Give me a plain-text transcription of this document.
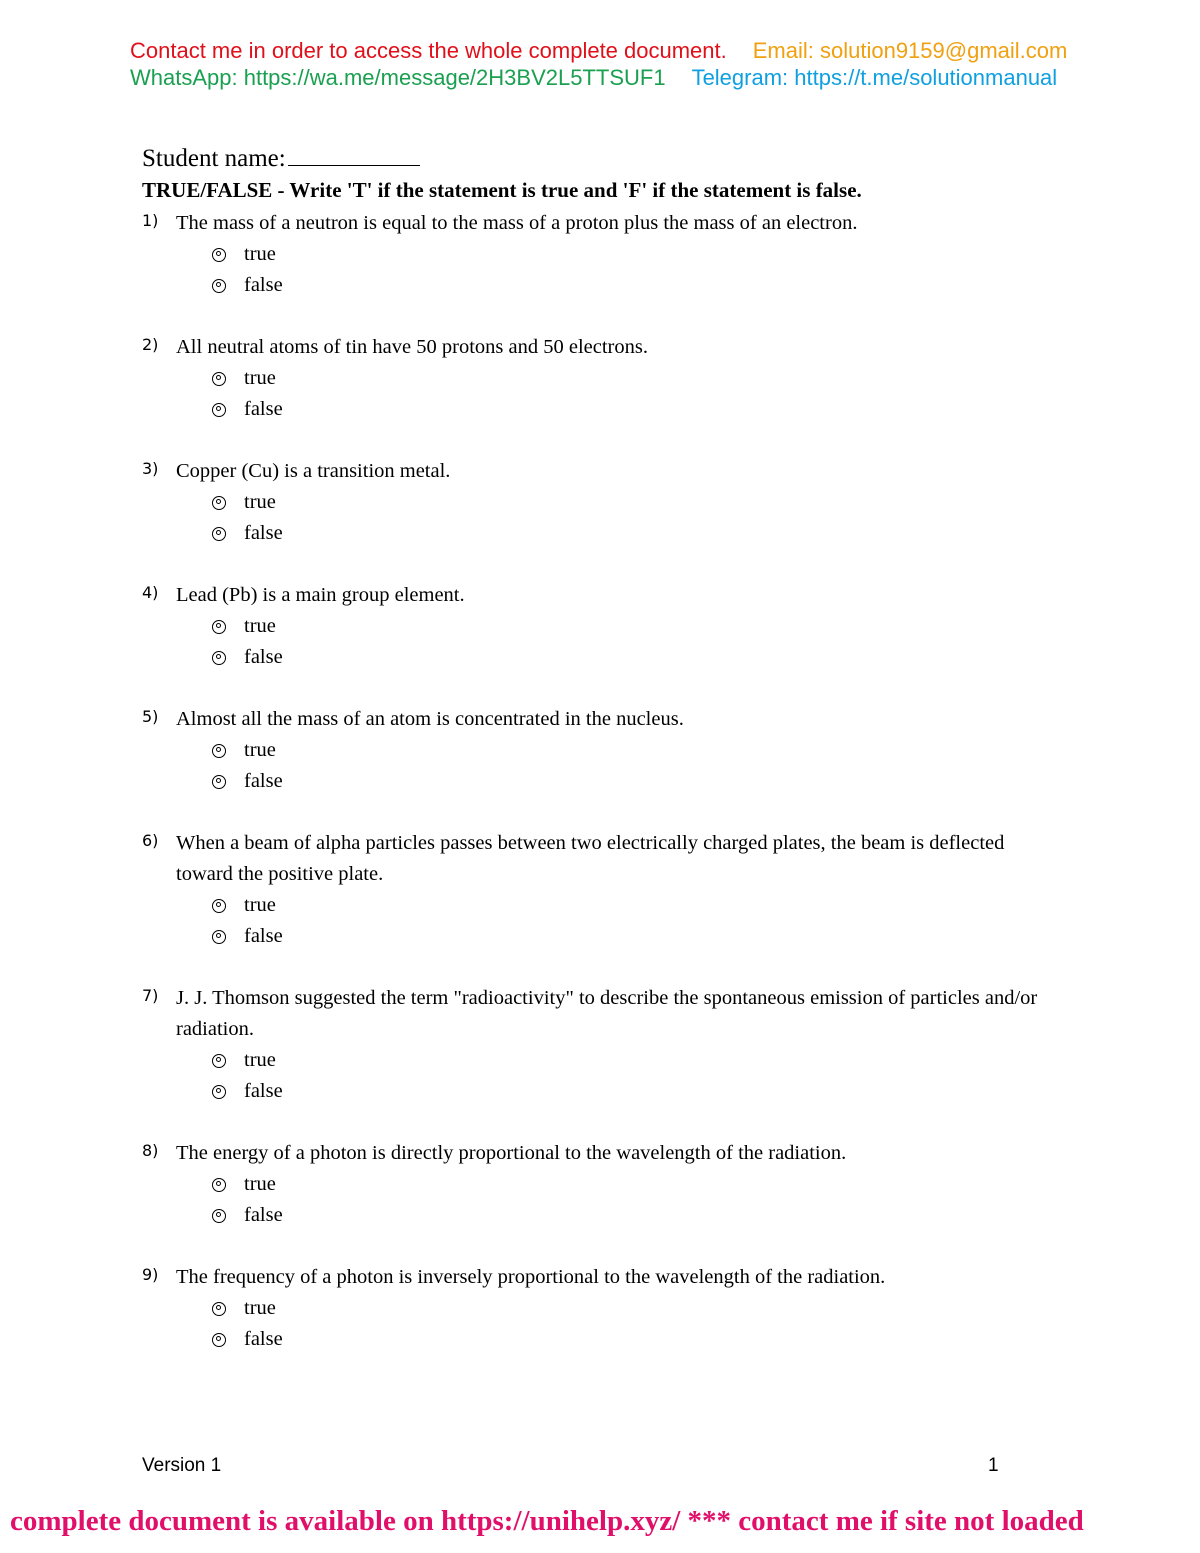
Contact me in order to access the whole complete document. Email: solution9159@gmail.com
WhatsApp: https://wa.me/message/2H3BV2L5TTSUF1 Telegram: https://t.me/solutionmanual
Student name:
TRUE/FALSE - Write 'T' if the statement is true and 'F' if the statement is false.
1) The mass of a neutron is equal to the mass of a proton plus the mass of an electron.
true
false
2) All neutral atoms of tin have 50 protons and 50 electrons.
true
false
3) Copper (Cu) is a transition metal.
true
false
4) Lead (Pb) is a main group element.
true
false
5) Almost all the mass of an atom is concentrated in the nucleus.
true
false
6) When a beam of alpha particles passes between two electrically charged plates, the beam is deflected toward the positive plate.
true
false
7) J. J. Thomson suggested the term "radioactivity" to describe the spontaneous emission of particles and/or radiation.
true
false
8) The energy of a photon is directly proportional to the wavelength of the radiation.
true
false
9) The frequency of a photon is inversely proportional to the wavelength of the radiation.
true
false
Version 1	1
complete document is available on https://unihelp.xyz/ *** contact me if site not loaded
